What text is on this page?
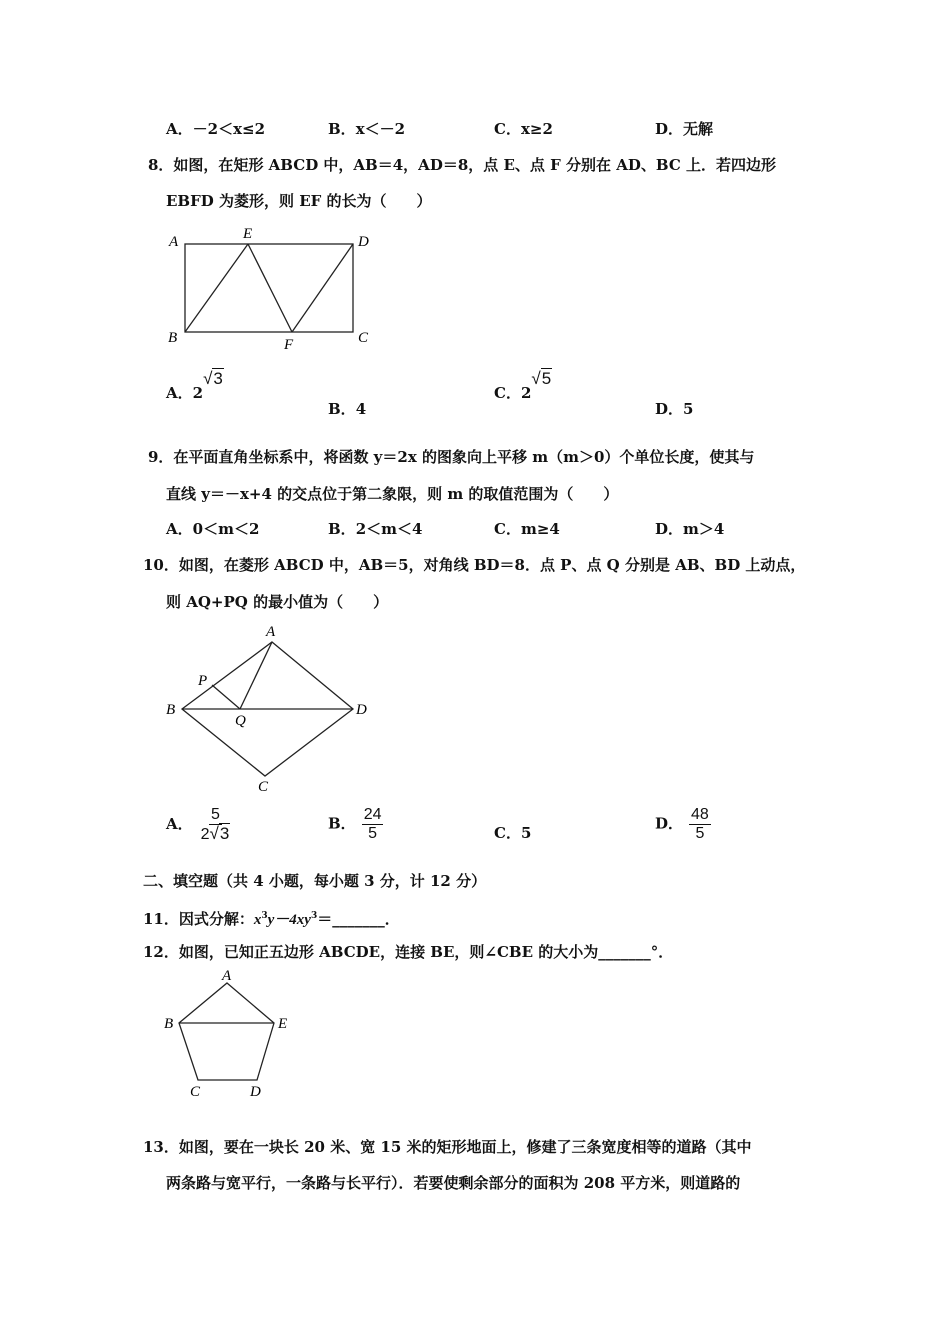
A．－2＜x≤2	B．x＜－2	C．x≥2	D．无解
8．如图，在矩形 ABCD 中，AB＝4，AD＝8，点 E、点 F 分别在 AD、BC 上．若四边形
EBFD 为菱形，则 EF 的长为（　　）
A	E	D
B	F	C
A．2√3
B．4
C．2√5
D．5
9．在平面直角坐标系中，将函数 y＝2x 的图象向上平移 m（m＞0）个单位长度，使其与
直线 y＝－x+4 的交点位于第二象限，则 m 的取值范围为（　　）
A．0＜m＜2	B．2＜m＜4	C．m≥4	D．m＞4
10．如图，在菱形 ABCD 中，AB＝5，对角线 BD＝8．点 P、点 Q 分别是 AB、BD 上动点，
则 AQ+PQ 的最小值为（　　）
A
P
B
Q
D
C
A． $\frac{5}{2√3}$	B． $\frac{24}{5}$	C．5
D． $\frac{48}{5}$
二、填空题（共 4 小题，每小题 3 分，计 12 分）
11．因式分解：$x^3y-4xy^3=\_\_\_\_\_\_\_$．
12．如图，已知正五边形 ABCDE，连接 BE，则∠CBE 的大小为_______°．
A
B	E
C	D
13．如图，要在一块长 20 米、宽 15 米的矩形地面上，修建了三条宽度相等的道路（其中
两条路与宽平行，一条路与长平行）．若要使剩余部分的面积为 208 平方米，则道路的
